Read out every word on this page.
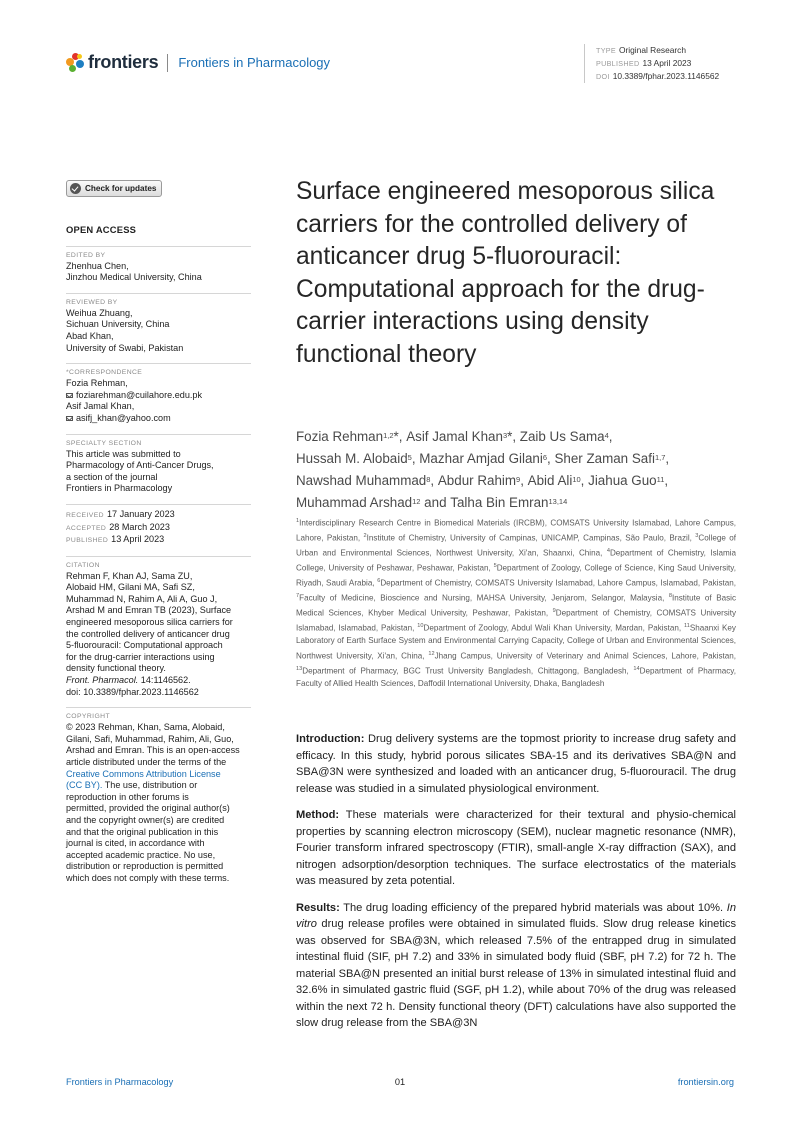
frontiers Frontiers in Pharmacology
TYPE Original Research
PUBLISHED 13 April 2023
DOI 10.3389/fphar.2023.1146562
Check for updates
OPEN ACCESS
EDITED BY
Zhenhua Chen,
Jinzhou Medical University, China
REVIEWED BY
Weihua Zhuang,
Sichuan University, China
Abad Khan,
University of Swabi, Pakistan
*CORRESPONDENCE
Fozia Rehman,
foziarehman@cuilahore.edu.pk
Asif Jamal Khan,
asifj_khan@yahoo.com
SPECIALTY SECTION
This article was submitted to
Pharmacology of Anti-Cancer Drugs,
a section of the journal
Frontiers in Pharmacology
RECEIVED 17 January 2023
ACCEPTED 28 March 2023
PUBLISHED 13 April 2023
CITATION
Rehman F, Khan AJ, Sama ZU,
Alobaid HM, Gilani MA, Safi SZ,
Muhammad N, Rahim A, Ali A, Guo J,
Arshad M and Emran TB (2023), Surface
engineered mesoporous silica carriers for
the controlled delivery of anticancer drug
5-fluorouracil: Computational approach
for the drug-carrier interactions using
density functional theory.
Front. Pharmacol. 14:1146562.
doi: 10.3389/fphar.2023.1146562
COPYRIGHT
© 2023 Rehman, Khan, Sama, Alobaid,
Gilani, Safi, Muhammad, Rahim, Ali, Guo,
Arshad and Emran. This is an open-access
article distributed under the terms of the
Creative Commons Attribution License
(CC BY). The use, distribution or
reproduction in other forums is
permitted, provided the original author(s)
and the copyright owner(s) are credited
and that the original publication in this
journal is cited, in accordance with
accepted academic practice. No use,
distribution or reproduction is permitted
which does not comply with these terms.
Surface engineered mesoporous silica carriers for the controlled delivery of anticancer drug 5-fluorouracil: Computational approach for the drug-carrier interactions using density functional theory
Fozia Rehman$^{1,2}$*, Asif Jamal Khan$^3$*, Zaib Us Sama$^4$, Hussah M. Alobaid$^5$, Mazhar Amjad Gilani$^6$, Sher Zaman Safi$^{1,7}$, Nawshad Muhammad$^8$, Abdur Rahim$^9$, Abid Ali$^{10}$, Jiahua Guo$^{11}$, Muhammad Arshad$^{12}$ and Talha Bin Emran$^{13,14}$
$^1$Interdisciplinary Research Centre in Biomedical Materials (IRCBM), COMSATS University Islamabad, Lahore Campus, Lahore, Pakistan, $^2$Institute of Chemistry, University of Campinas, UNICAMP, Campinas, São Paulo, Brazil, $^3$College of Urban and Environmental Sciences, Northwest University, Xi'an, Shaanxi, China, $^4$Department of Chemistry, Islamia College, University of Peshawar, Peshawar, Pakistan, $^5$Department of Zoology, College of Science, King Saud University, Riyadh, Saudi Arabia, $^6$Department of Chemistry, COMSATS University Islamabad, Lahore Campus, Islamabad, Pakistan, $^7$Faculty of Medicine, Bioscience and Nursing, MAHSA University, Jenjarom, Selangor, Malaysia, $^8$Institute of Basic Medical Sciences, Khyber Medical University, Peshawar, Pakistan, $^9$Department of Chemistry, COMSATS University Islamabad, Islamabad, Pakistan, $^{10}$Department of Zoology, Abdul Wali Khan University, Mardan, Pakistan, $^{11}$Shaanxi Key Laboratory of Earth Surface System and Environmental Carrying Capacity, College of Urban and Environmental Sciences, Northwest University, Xi'an, China, $^{12}$Jhang Campus, University of Veterinary and Animal Sciences, Lahore, Pakistan, $^{13}$Department of Pharmacy, BGC Trust University Bangladesh, Chittagong, Bangladesh, $^{14}$Department of Pharmacy, Faculty of Allied Health Sciences, Daffodil International University, Dhaka, Bangladesh

Introduction: Drug delivery systems are the topmost priority to increase drug safety and efficacy. In this study, hybrid porous silicates SBA-15 and its derivatives SBA@N and SBA@3N were synthesized and loaded with an anticancer drug, 5-fluorouracil. The drug release was studied in a simulated physiological environment.

Method: These materials were characterized for their textural and physio-chemical properties by scanning electron microscopy (SEM), nuclear magnetic resonance (NMR), Fourier transform infrared spectroscopy (FTIR), small-angle X-ray diffraction (SAX), and nitrogen adsorption/desorption techniques. The surface electrostatics of the materials was measured by zeta potential.

Results: The drug loading efficiency of the prepared hybrid materials was about 10%. In vitro drug release profiles were obtained in simulated fluids. Slow drug release kinetics was observed for SBA@3N, which released 7.5% of the entrapped drug in simulated intestinal fluid (SIF, pH 7.2) and 33% in simulated body fluid (SBF, pH 7.2) for 72 h. The material SBA@N presented an initial burst release of 13% in simulated intestinal fluid and 32.6% in simulated gastric fluid (SGF, pH 1.2), while about 70% of the drug was released within the next 72 h. Density functional theory (DFT) calculations have also supported the slow drug release from the SBA@3N

Frontiers in Pharmacology	01	frontiersin.org
